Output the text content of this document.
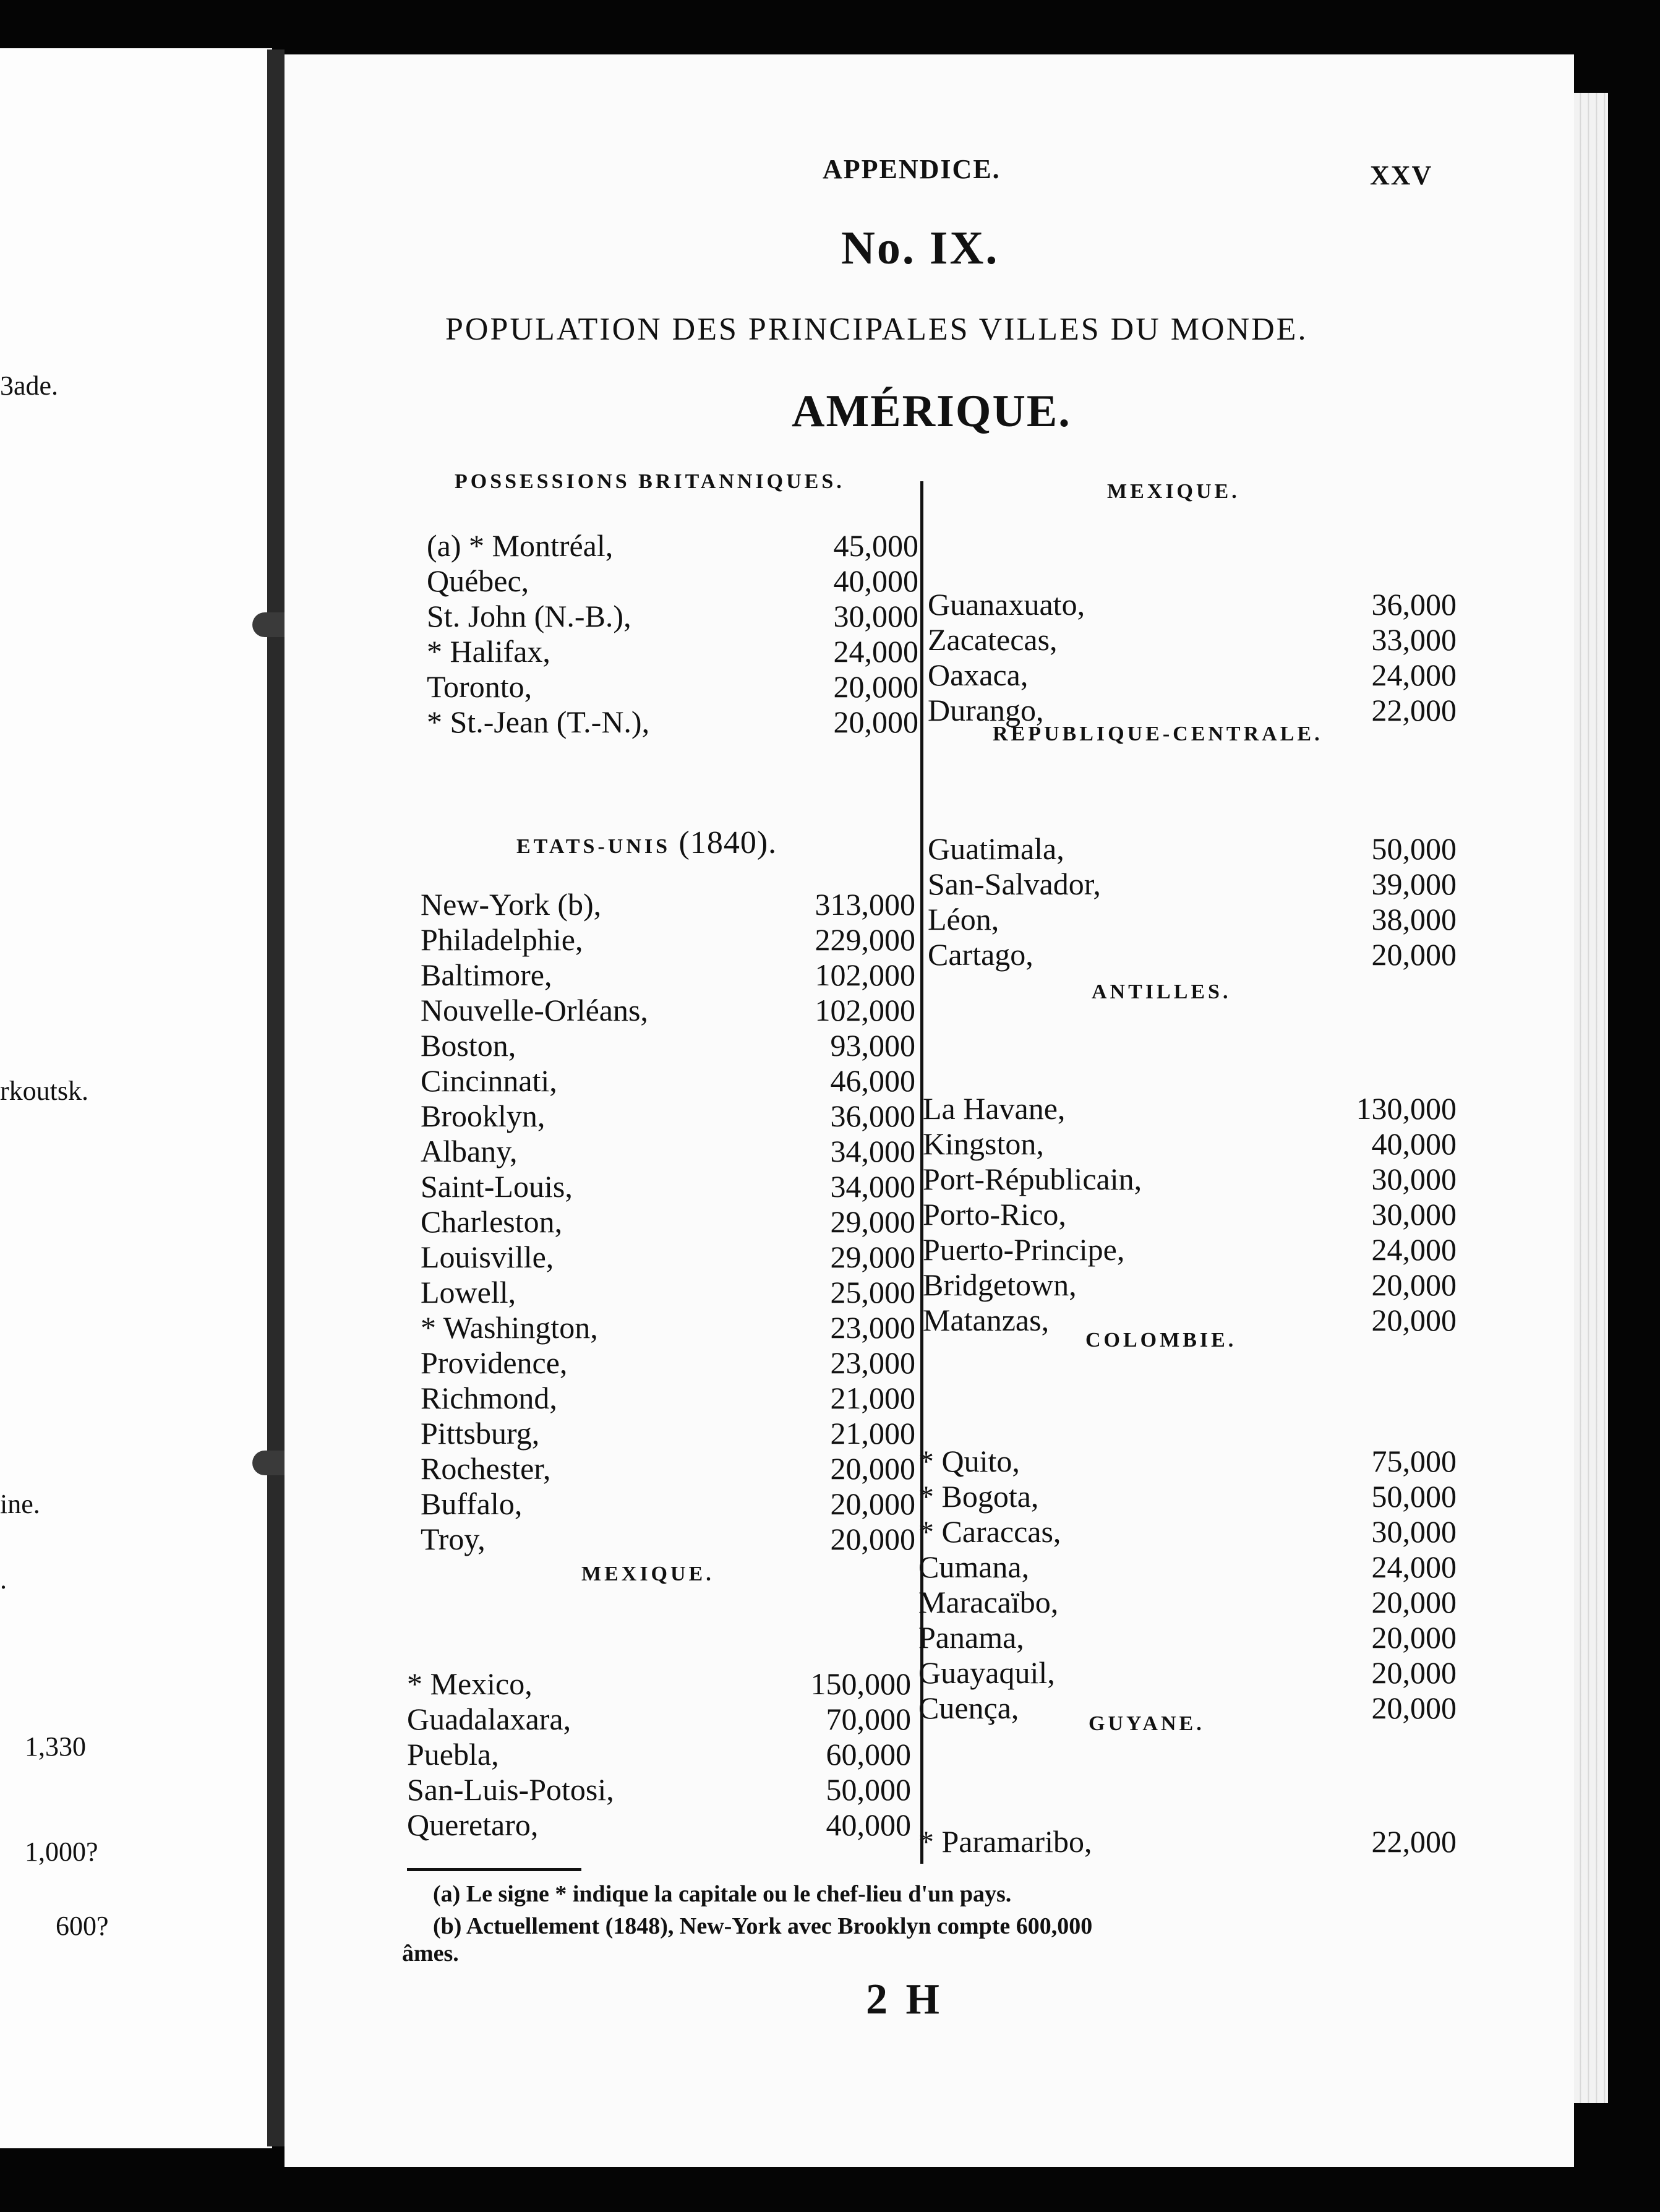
3ade.
rkoutsk.
ine.
.
1,330
1,000?
600?
APPENDICE.	XXV
No. IX.
POPULATION DES PRINCIPALES VILLES DU MONDE.
AMÉRIQUE.
POSSESSIONS BRITANNIQUES.
(a) * Montréal,	45,000
Québec,	40,000
St. John (N.-B.),	30,000
* Halifax,	24,000
Toronto,	20,000
* St.-Jean (T.-N.),	20,000
ETATS-UNIS (1840).
New-York (b),	313,000
Philadelphie,	229,000
Baltimore,	102,000
Nouvelle-Orléans,	102,000
Boston,	93,000
Cincinnati,	46,000
Brooklyn,	36,000
Albany,	34,000
Saint-Louis,	34,000
Charleston,	29,000
Louisville,	29,000
Lowell,	25,000
* Washington,	23,000
Providence,	23,000
Richmond,	21,000
Pittsburg,	21,000
Rochester,	20,000
Buffalo,	20,000
Troy,	20,000
MEXIQUE.
* Mexico,	150,000
Guadalaxara,	70,000
Puebla,	60,000
San-Luis-Potosi,	50,000
Queretaro,	40,000
MEXIQUE.
Guanaxuato,	36,000
Zacatecas,	33,000
Oaxaca,	24,000
Durango,	22,000
REPUBLIQUE-CENTRALE.
Guatimala,	50,000
San-Salvador,	39,000
Léon,	38,000
Cartago,	20,000
ANTILLES.
La Havane,	130,000
Kingston,	40,000
Port-Républicain,	30,000
Porto-Rico,	30,000
Puerto-Principe,	24,000
Bridgetown,	20,000
Matanzas,	20,000
COLOMBIE.
* Quito,	75,000
* Bogota,	50,000
* Caraccas,	30,000
Cumana,	24,000
Maracaïbo,	20,000
Panama,	20,000
Guayaquil,	20,000
Cuença,	20,000
GUYANE.
* Paramaribo,	22,000
(a) Le signe * indique la capitale ou le chef-lieu d'un pays.
(b) Actuellement (1848), New-York avec Brooklyn compte 600,000
âmes.
2 H
